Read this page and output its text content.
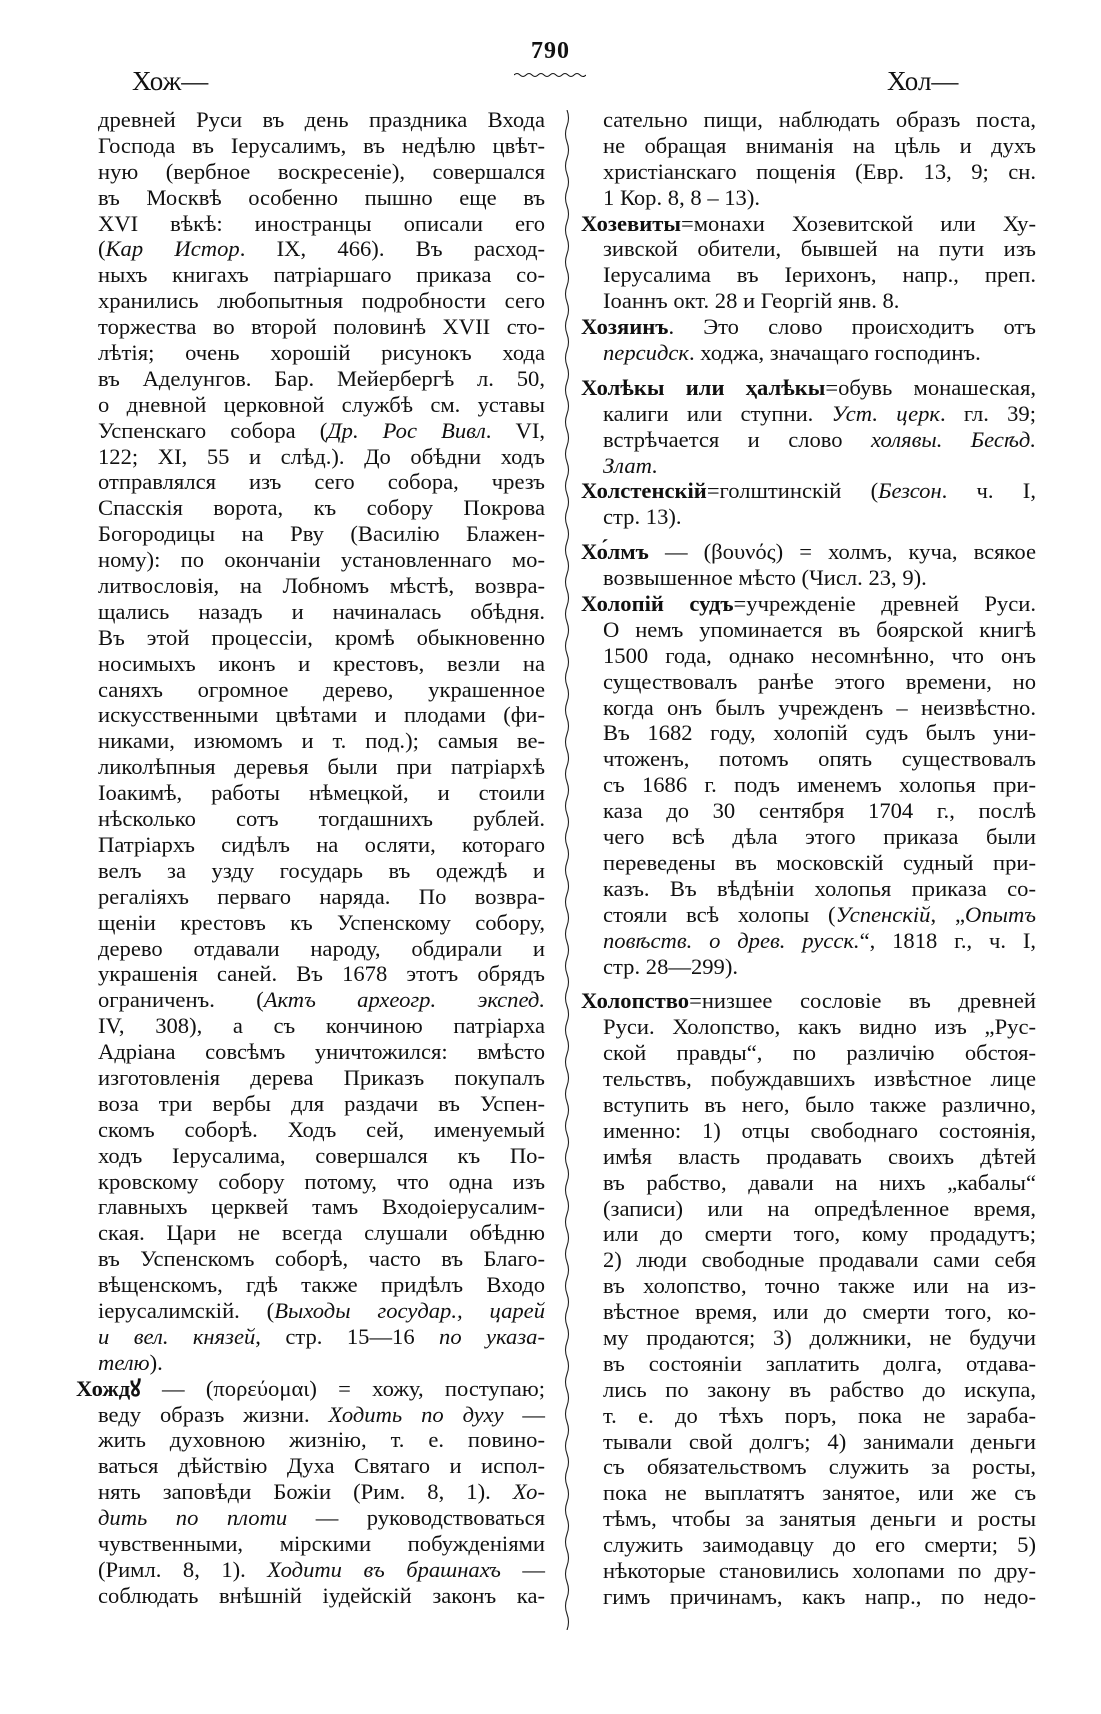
790
Хож—	Хол—
древней Руси въ день праздника Входа
Господа въ Іерусалимъ, въ недѣлю цвѣт-
ную (вербное воскресеніе), совершался
въ Москвѣ особенно пышно еще въ
XVI вѣкѣ: иностранцы описали его
(Кар Истор. IX, 466). Въ расход-
ныхъ книгахъ патріаршаго приказа со-
хранились любопытныя подробности сего
торжества во второй половинѣ XVII сто-
лѣтія; очень хорошій рисунокъ хода
въ Аделунгов. Бар. Мейербергѣ л. 50,
о дневной церковной службѣ см. уставы
Успенскаго собора (Др. Рос Вивл. VI,
122; XI, 55 и слѣд.). До обѣдни ходъ
отправлялся изъ сего собора, чрезъ
Спасскія ворота, къ собору Покрова
Богородицы на Рву (Василію Блажен-
ному): по окончаніи установленнаго мо-
литвословія, на Лобномъ мѣстѣ, возвра-
щались назадъ и начиналась обѣдня.
Въ этой процессіи, кромѣ обыкновенно
носимыхъ иконъ и крестовъ, везли на
саняхъ огромное дерево, украшенное
искусственными цвѣтами и плодами (фи-
никами, изюмомъ и т. под.); самыя ве-
ликолѣпныя деревья были при патріархѣ
Іоакимѣ, работы нѣмецкой, и стоили
нѣсколько сотъ тогдашнихъ рублей.
Патріархъ сидѣлъ на осляти, котораго
велъ за узду государь въ одеждѣ и
регаліяхъ перваго наряда. По возвра-
щеніи крестовъ къ Успенскому собору,
дерево отдавали народу, обдирали и
украшенія саней. Въ 1678 этотъ обрядъ
ограниченъ. (Актъ археогр. экспед.
IV, 308), а съ кончиною патріарха
Адріана совсѣмъ уничтожился: вмѣсто
изготовленія дерева Приказъ покупалъ
воза три вербы для раздачи въ Успен-
скомъ соборѣ. Ходъ сей, именуемый
ходъ Іерусалима, совершался къ По-
кровскому собору потому, что одна изъ
главныхъ церквей тамъ Входоіерусалим-
ская. Цари не всегда слушали обѣдню
въ Успенскомъ соборѣ, часто въ Благо-
вѣщенскомъ, гдѣ также придѣлъ Входо
іерусалимскій. (Выходы государ., царей
и вел. князей, стр. 15—16 по указа-
телю).
Хождꙋ — (πορεύομαι) = хожу, поступаю;
веду образъ жизни. Ходить по духу —
жить духовною жизнію, т. е. повино-
ваться дѣйствію Духа Святаго и испол-
нять заповѣди Божіи (Рим. 8, 1). Хо-
дить по плоти — руководствоваться
чувственными, мірскими побужденіями
(Римл. 8, 1). Ходити въ брашнахъ —
соблюдать внѣшній іудейскій законъ ка-
сательно пищи, наблюдать образъ поста,
не обращая вниманія на цѣль и духъ
христіанскаго пощенія (Евр. 13, 9; сн.
1 Кор. 8, 8 – 13).
Хозевиты=монахи Хозевитской или Ху-
зивской обители, бывшей на пути изъ
Іерусалима въ Іерихонъ, напр., преп.
Іоаннъ окт. 28 и Георгій янв. 8.
Хозяинъ. Это слово происходитъ отъ
персидск. ходжа, значащаго господинъ.
Холѣкы или ҳалѣкы=обувь монашеская,
калиги или ступни. Уст. церк. гл. 39;
встрѣчается и слово холявы. Бесѣд.
Злат.
Холстенскій=голштинскій (Безсон. ч. I,
стр. 13).
Хо́лмъ — (βουνός) = холмъ, куча, всякое
возвышенное мѣсто (Числ. 23, 9).
Холопій судъ=учрежденіе древней Руси.
О немъ упоминается въ боярской книгѣ
1500 года, однако несомнѣнно, что онъ
существовалъ ранѣе этого времени, но
когда онъ былъ учрежденъ – неизвѣстно.
Въ 1682 году, холопій судъ былъ уни-
чтоженъ, потомъ опять существовалъ
съ 1686 г. подъ именемъ холопья при-
каза до 30 сентября 1704 г., послѣ
чего всѣ дѣла этого приказа были
переведены въ московскій судный при-
казъ. Въ вѣдѣніи холопья приказа со-
стояли всѣ холопы (Успенскій, „Опытъ
повѣств. о древ. русск.“, 1818 г., ч. I,
стр. 28—299).
Холопство=низшее сословіе въ древней
Руси. Холопство, какъ видно изъ „Рус-
ской правды“, по различію обстоя-
тельствъ, побуждавшихъ извѣстное лице
вступить въ него, было также различно,
именно: 1) отцы свободнаго состоянія,
имѣя власть продавать своихъ дѣтей
въ рабство, давали на нихъ „кабалы“
(записи) или на опредѣленное время,
или до смерти того, кому продадутъ;
2) люди свободные продавали сами себя
въ холопство, точно также или на из-
вѣстное время, или до смерти того, ко-
му продаются; 3) должники, не будучи
въ состояніи заплатить долга, отдава-
лись по закону въ рабство до искупа,
т. е. до тѣхъ поръ, пока не зараба-
тывали свой долгъ; 4) занимали деньги
съ обязательствомъ служить за росты,
пока не выплатятъ занятое, или же съ
тѣмъ, чтобы за занятыя деньги и росты
служить заимодавцу до его смерти; 5)
нѣкоторые становились холопами по дру-
гимъ причинамъ, какъ напр., по недо-
